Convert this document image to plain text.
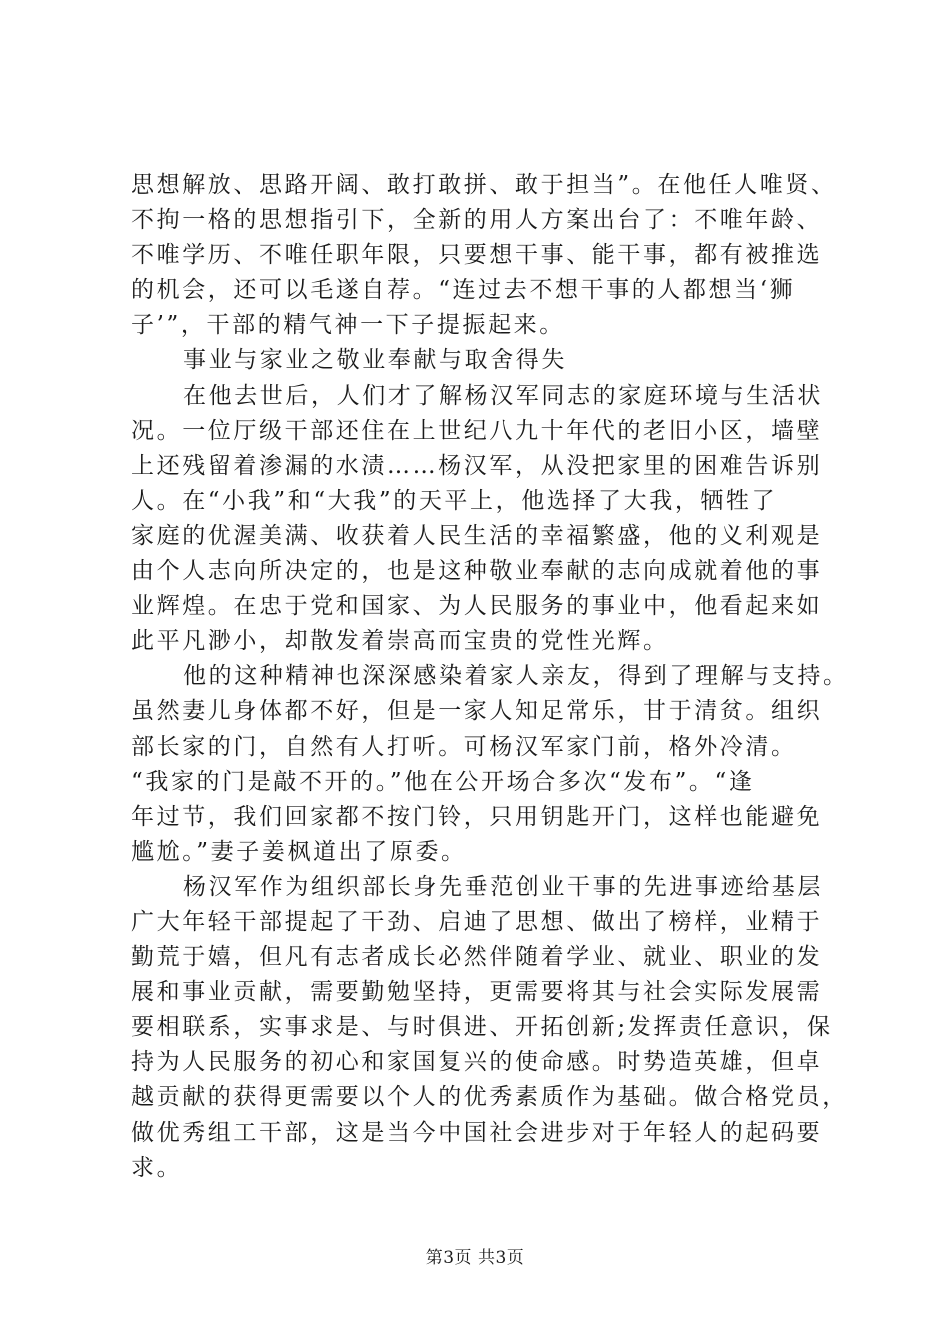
思想解放、思路开阔、敢打敢拼、敢于担当”。在他任人唯贤、
不拘一格的思想指引下，全新的用人方案出台了：不唯年龄、
不唯学历、不唯任职年限，只要想干事、能干事，都有被推选
的机会，还可以毛遂自荐。“连过去不想干事的人都想当‘狮
子’”，干部的精气神一下子提振起来。
事业与家业之敬业奉献与取舍得失
在他去世后，人们才了解杨汉军同志的家庭环境与生活状
况。一位厅级干部还住在上世纪八九十年代的老旧小区，墙壁
上还残留着渗漏的水渍……杨汉军，从没把家里的困难告诉别
人。在“小我”和“大我”的天平上，他选择了大我，牺牲了
家庭的优渥美满、收获着人民生活的幸福繁盛，他的义利观是
由个人志向所决定的，也是这种敬业奉献的志向成就着他的事
业辉煌。在忠于党和国家、为人民服务的事业中，他看起来如
此平凡渺小，却散发着崇高而宝贵的党性光辉。
他的这种精神也深深感染着家人亲友，得到了理解与支持。
虽然妻儿身体都不好，但是一家人知足常乐，甘于清贫。组织
部长家的门，自然有人打听。可杨汉军家门前，格外冷清。
“我家的门是敲不开的。”他在公开场合多次“发布”。“逢
年过节，我们回家都不按门铃，只用钥匙开门，这样也能避免
尴尬。”妻子姜枫道出了原委。
杨汉军作为组织部长身先垂范创业干事的先进事迹给基层
广大年轻干部提起了干劲、启迪了思想、做出了榜样，业精于
勤荒于嬉，但凡有志者成长必然伴随着学业、就业、职业的发
展和事业贡献，需要勤勉坚持，更需要将其与社会实际发展需
要相联系，实事求是、与时俱进、开拓创新;发挥责任意识，保
持为人民服务的初心和家国复兴的使命感。时势造英雄，但卓
越贡献的获得更需要以个人的优秀素质作为基础。做合格党员，
做优秀组工干部，这是当今中国社会进步对于年轻人的起码要
求。
第3页 共3页
